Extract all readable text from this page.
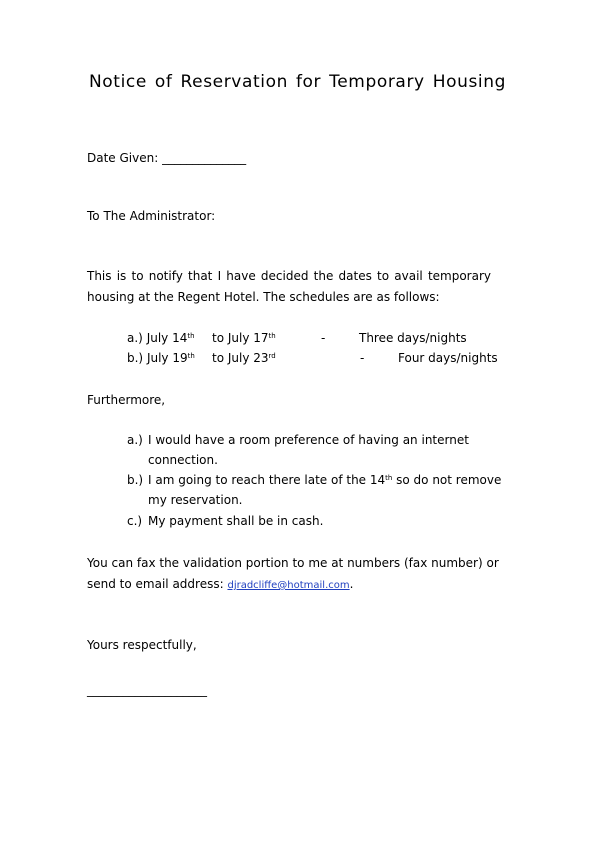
Notice of Reservation for Temporary Housing
Date Given: ______________
To The Administrator:
This is to notify that I have decided the dates to avail temporary
housing at the Regent Hotel. The schedules are as follows:
a.) July 14th to July 17th	-	Three days/nights
b.) July 19th to July 23rd	-	Four days/nights
Furthermore,
a.) I would have a room preference of having an internet
connection.
b.) I am going to reach there late of the 14th so do not remove
my reservation.
c.) My payment shall be in cash.
You can fax the validation portion to me at numbers (fax number) or
send to email address: djradcliffe@hotmail.com.
Yours respectfully,
____________________
